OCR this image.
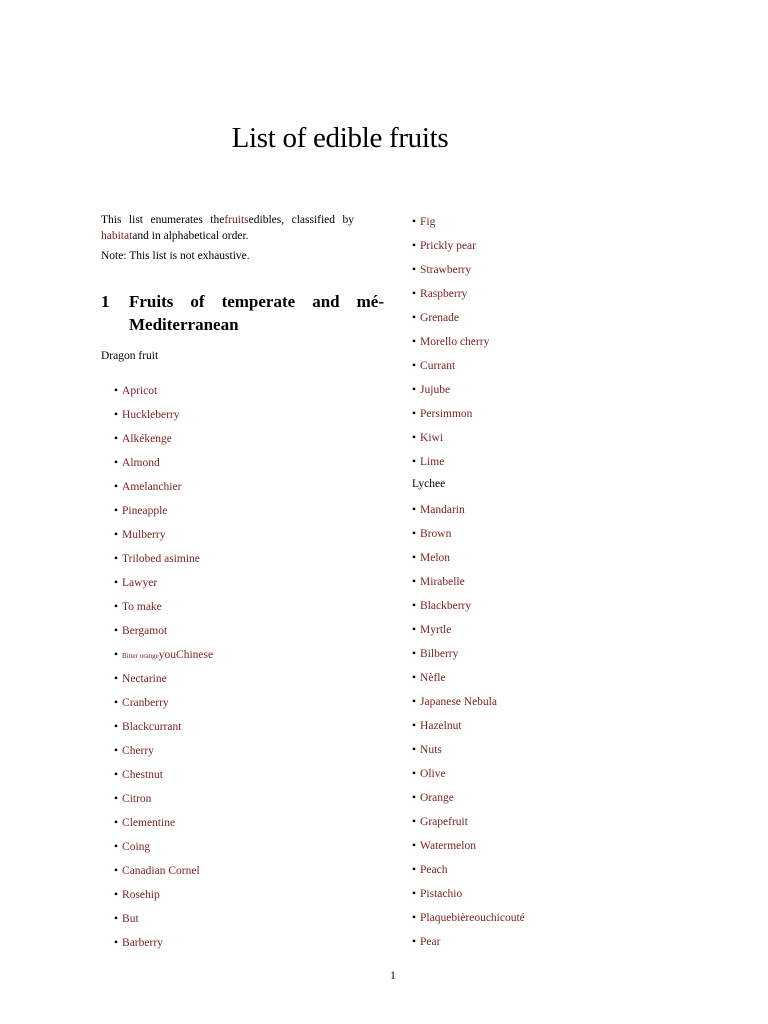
List of edible fruits

This list enumerates thefruitsedibles, classified by habitatand in alphabetical order.

Note: This list is not exhaustive.

1 Fruits of temperate and mé-Mediterranean
Dragon fruit
• Apricot
• Huckleberry
• Alkékenge
• Almond
• Amelanchier
• Pineapple
• Mulberry
• Trilobed asimine
• Lawyer
• To make
• Bergamot
• Bitter orangeyouChinese
• Nectarine
• Cranberry
• Blackcurrant
• Cherry
• Chestnut
• Citron
• Clementine
• Coing
• Canadian Cornel
• Rosehip
• But
• Barberry
• Fig
• Prickly pear
• Strawberry
• Raspberry
• Grenade
• Morello cherry
• Currant
• Jujube
• Persimmon
• Kiwi
• Lime
Lychee
• Mandarin
• Brown
• Melon
• Mirabelle
• Blackberry
• Myrtle
• Bilberry
• Nèfle
• Japanese Nebula
• Hazelnut
• Nuts
• Olive
• Orange
• Grapefruit
• Watermelon
• Peach
• Pistachio
• Plaquebièreouchicouté
• Pear
1
